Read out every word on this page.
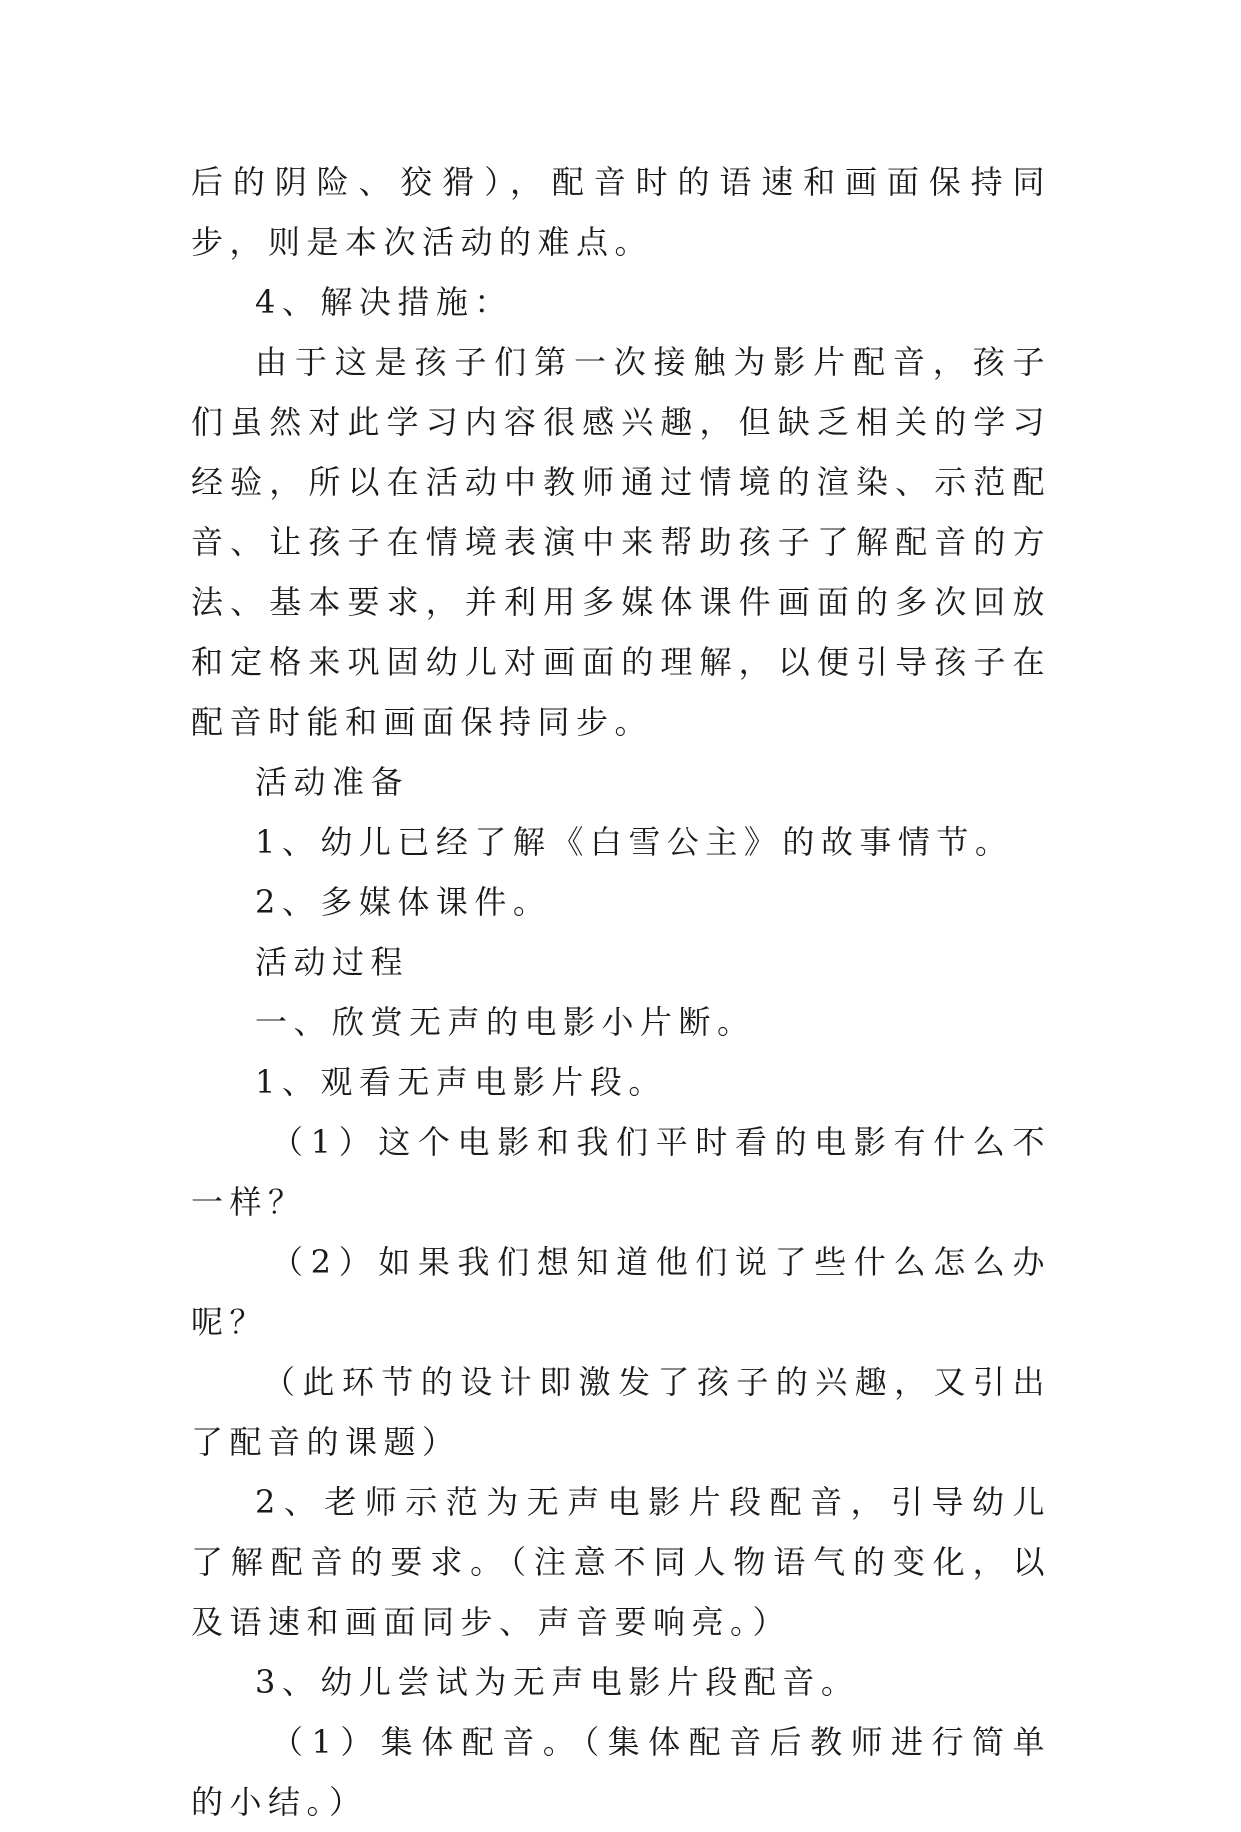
后的阴险、狡猾），配音时的语速和画面保持同步，则是本次活动的难点。

4、解决措施：

由于这是孩子们第一次接触为影片配音，孩子们虽然对此学习内容很感兴趣，但缺乏相关的学习经验，所以在活动中教师通过情境的渲染、示范配音、让孩子在情境表演中来帮助孩子了解配音的方法、基本要求，并利用多媒体课件画面的多次回放和定格来巩固幼儿对画面的理解，以便引导孩子在配音时能和画面保持同步。

活动准备

1、幼儿已经了解《白雪公主》的故事情节。

2、多媒体课件。

活动过程

一、欣赏无声的电影小片断。

1、观看无声电影片段。

（1）这个电影和我们平时看的电影有什么不一样？

（2）如果我们想知道他们说了些什么怎么办呢？

（此环节的设计即激发了孩子的兴趣，又引出了配音的课题）

2、老师示范为无声电影片段配音，引导幼儿了解配音的要求。（注意不同人物语气的变化，以及语速和画面同步、声音要响亮。）

3、幼儿尝试为无声电影片段配音。

（1）集体配音。（集体配音后教师进行简单的小结。）
